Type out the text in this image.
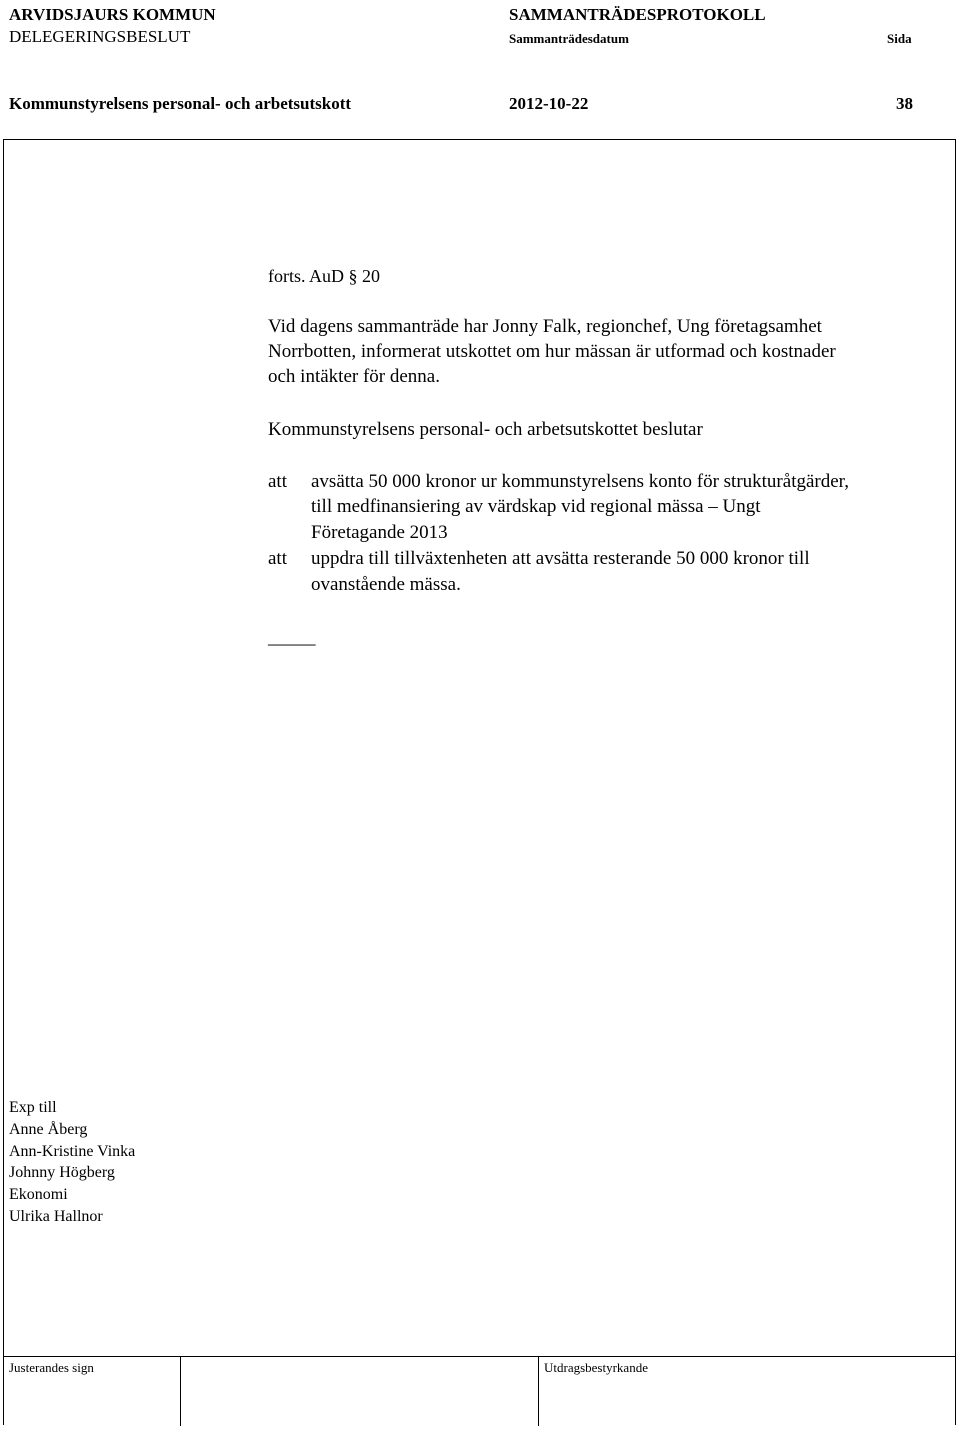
ARVIDSJAURS KOMMUN	SAMMANTRÄDESPROTOKOLL
DELEGERINGSBESLUT	Sammanträdesdatum	Sida
Kommunstyrelsens personal- och arbetsutskott	2012-10-22	38
forts. AuD § 20
Vid dagens sammanträde har Jonny Falk, regionchef, Ung företagsamhet
Norrbotten, informerat utskottet om hur mässan är utformad och kostnader
och intäkter för denna.
Kommunstyrelsens personal- och arbetsutskottet beslutar
att avsätta 50 000 kronor ur kommunstyrelsens konto för strukturåtgärder,
till medfinansiering av värdskap vid regional mässa – Ungt
Företagande 2013
att uppdra till tillväxtenheten att avsätta resterande 50 000 kronor till
ovanstående mässa.
_____
Exp till
Anne Åberg
Ann-Kristine Vinka
Johnny Högberg
Ekonomi
Ulrika Hallnor
Justerandes sign	Utdragsbestyrkande
